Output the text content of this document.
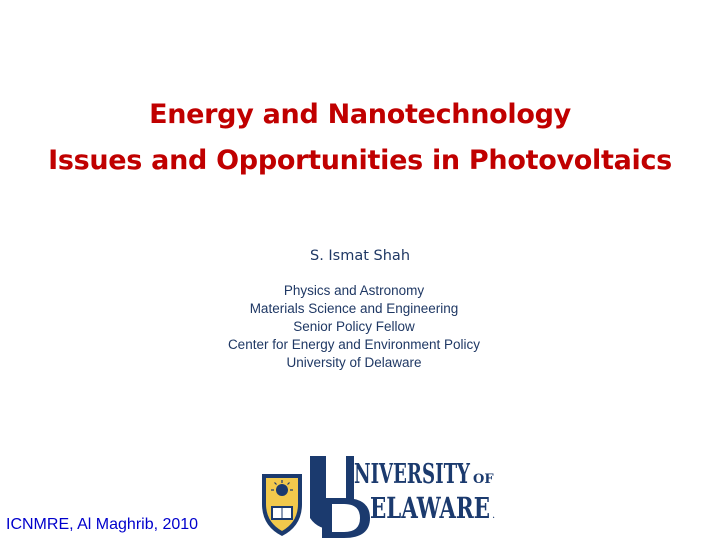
Energy and Nanotechnology
Issues and Opportunities in Photovoltaics
S. Ismat Shah
Physics and Astronomy
Materials Science and Engineering
Senior Policy Fellow
Center for Energy and Environment Policy
University of Delaware
NIVERSITY OF
ELAWARE .
ICNMRE, Al Maghrib, 2010
